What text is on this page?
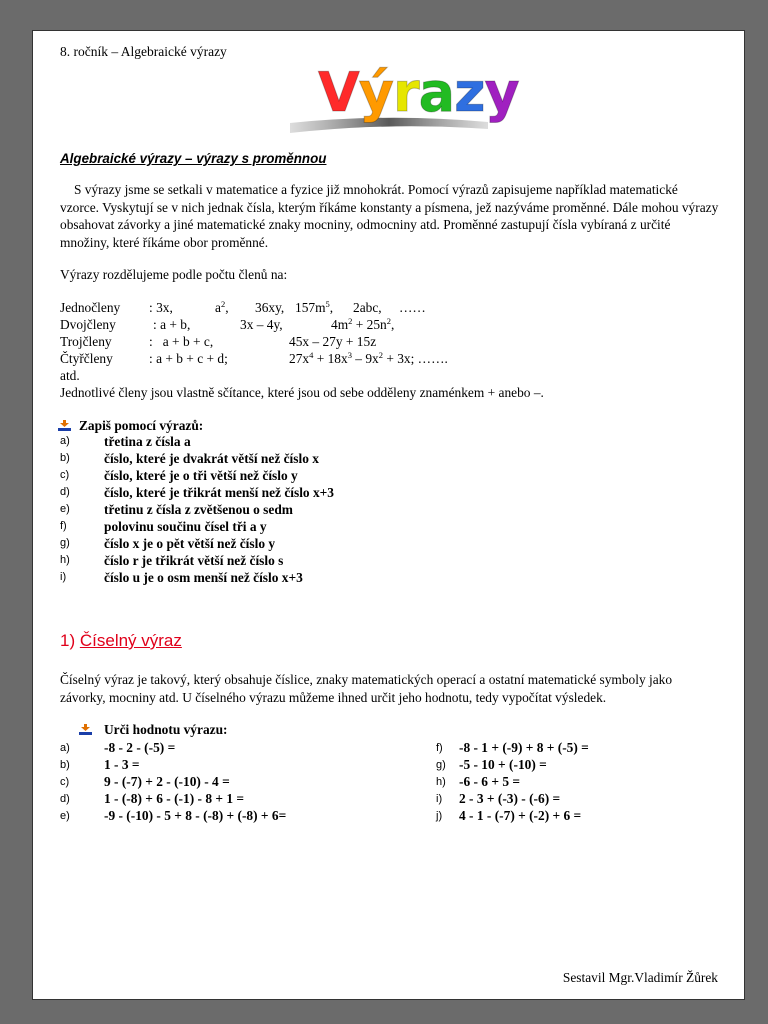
8. ročník – Algebraické výrazy
Výrazy
Algebraické výrazy – výrazy s proměnnou
S výrazy jsme se setkali v matematice a fyzice již mnohokrát. Pomocí výrazů zapisujeme například matematické vzorce. Vyskytují se v nich jednak čísla, kterým říkáme konstanty a písmena, jež nazýváme proměnné. Dále mohou výrazy obsahovat závorky a jiné matematické znaky mocniny, odmocniny atd. Proměnné zastupují čísla vybíraná z určité množiny, které říkáme obor proměnné.
Výrazy rozdělujeme podle počtu členů na:
Jednočleny : 3x,	$a^2$, 36xy, $157m^5$, 2abc, ……
Dvojčleny	: a + b,	3x – 4y,	$4m^2 + 25n^2$,
Trojčleny	:   a + b + c,	45x – 27y + 15z
Čtyřčleny	: a + b + c + d;	$27x^4 + 18x^3 - 9x^2 + 3x$; …….
atd.
Jednotlivé členy jsou vlastně sčítance, které jsou od sebe odděleny znaménkem + anebo –.
Zapiš pomocí výrazů:
a)	třetina z čísla a
b)	číslo, které je dvakrát větší než číslo x
c)	číslo, které je o tři větší než číslo y
d)	číslo, které je třikrát menší než číslo x+3
e)	třetinu z čísla z zvětšenou o sedm
f)	polovinu součinu čísel tři a y
g)	číslo x je o pět větší než číslo y
h)	číslo r je třikrát větší než číslo s
i)	číslo u je o osm menší než číslo x+3
1) Číselný výraz
Číselný výraz je takový, který obsahuje číslice, znaky matematických operací a ostatní matematické symboly jako závorky, mocniny atd. U číselného výrazu můžeme ihned určit jeho hodnotu, tedy vypočítat výsledek.
Urči hodnotu výrazu:
a)	-8 - 2 - (-5) =
b)	1 - 3 =
c)	9 - (-7) + 2 - (-10) - 4 =
d)	1 - (-8) + 6 - (-1) - 8 + 1 =
e)	-9 - (-10) - 5 + 8 - (-8) + (-8) + 6=
f) -8 - 1 + (-9) + 8 + (-5) =
g) -5 - 10 + (-10) =
h) -6 - 6 + 5 =
i) 2 - 3 + (-3) - (-6) =
j) 4 - 1 - (-7) + (-2) + 6 =
Sestavil Mgr.Vladimír Žůrek
